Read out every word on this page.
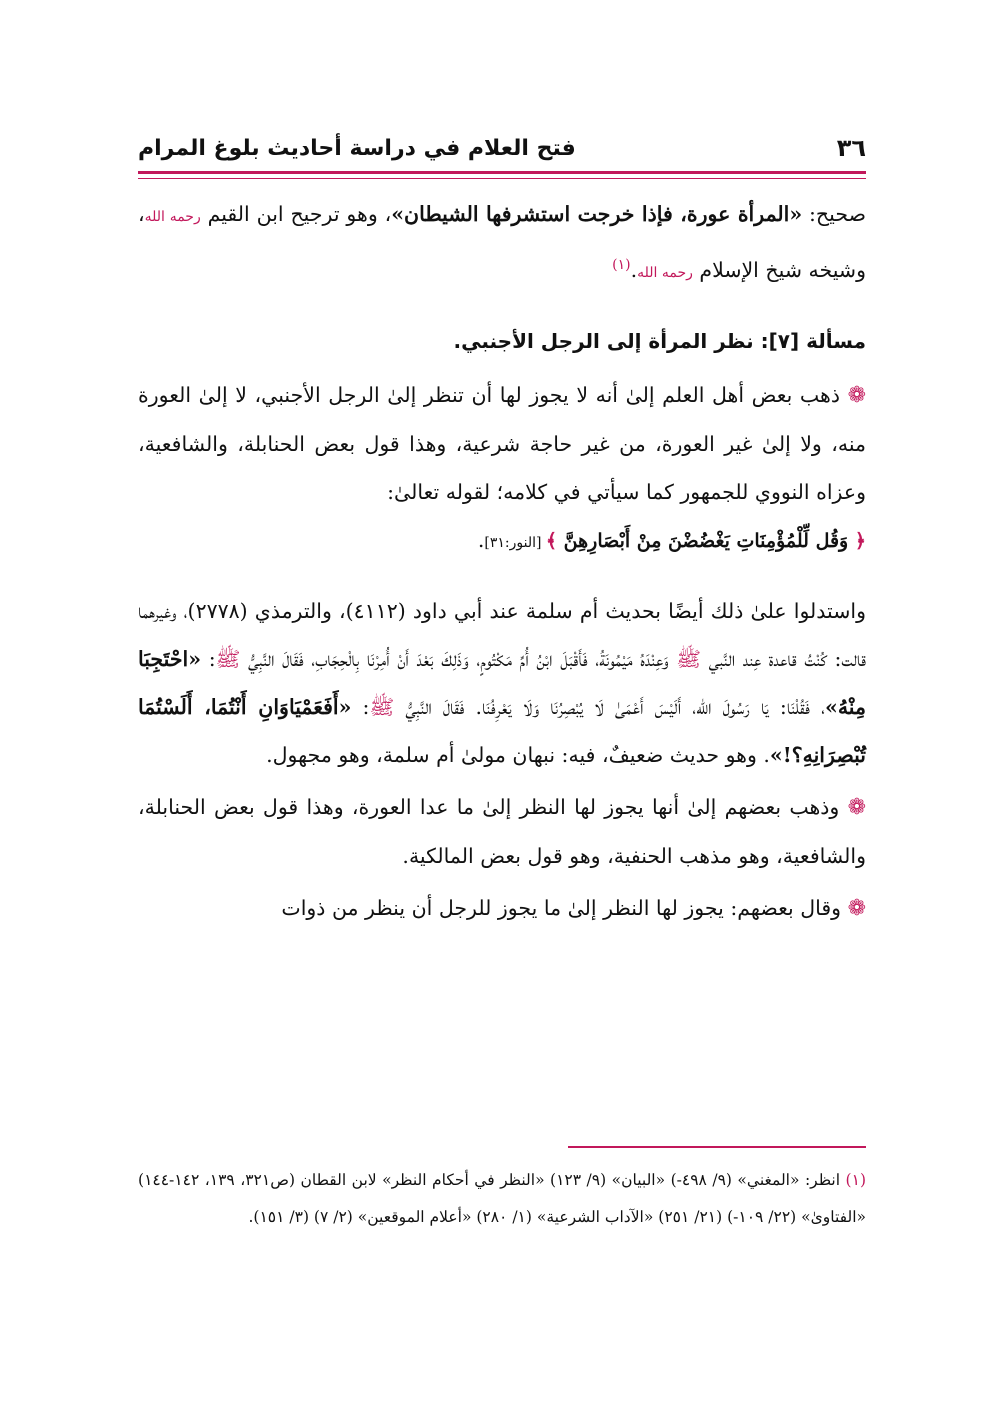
٣٦
فتح العلام في دراسة أحاديث بلوغ المرام

صحيح: «المرأة عورة، فإذا خرجت استشرفها الشيطان»، وهو ترجيح ابن القيم رحمه الله، وشيخه شيخ الإسلام رحمه الله.$^{(١)}$

مسألة [٧]: نظر المرأة إلى الرجل الأجنبي.

❁ ذهب بعض أهل العلم إلىٰ أنه لا يجوز لها أن تنظر إلىٰ الرجل الأجنبي، لا إلىٰ العورة منه، ولا إلىٰ غير العورة، من غير حاجة شرعية، وهذا قول بعض الحنابلة، والشافعية، وعزاه النووي للجمهور كما سيأتي في كلامه؛ لقوله تعالىٰ:
﴿ وَقُل لِّلْمُؤْمِنَاتِ يَغْضُضْنَ مِنْ أَبْصَارِهِنَّ ﴾ [النور:٣١].

واستدلوا علىٰ ذلك أيضًا بحديث أم سلمة عند أبي داود (٤١١٢)، والترمذي (٢٧٧٨)، وغيرهما قالت: كُنْتُ قاعدة عِند النَّبي ﷺ وَعِنْدَهُ مَيْمُونَةُ، فَأَقْبَلَ ابْنُ أُمِّ مَكْتُومٍ، وَذَلِكَ بَعْدَ أَنْ أُمِرْنَا بِالْحِجَابِ، فَقَالَ النَّبِيُّ ﷺ: «احْتَجِبَا مِنْهُ»، فَقُلْنَا: يَا رَسُولَ الله، أَلَيْسَ أَعْمَىٰ لَا يُبْصِرُنَا وَلَا يَعْرِفُنَا. فَقَالَ النَّبِيُّ ﷺ: «أَفَعَمْيَاوَانِ أَنْتُمَا، أَلَسْتُمَا تُبْصِرَانِهِ؟!». وهو حديث ضعيفٌ، فيه: نبهان مولىٰ أم سلمة، وهو مجهول.

❁ وذهب بعضهم إلىٰ أنها يجوز لها النظر إلىٰ ما عدا العورة، وهذا قول بعض الحنابلة، والشافعية، وهو مذهب الحنفية، وهو قول بعض المالكية.

❁ وقال بعضهم: يجوز لها النظر إلىٰ ما يجوز للرجل أن ينظر من ذوات

(١) انظر: «المغني» (٩/ ٤٩٨-) «البيان» (٩/ ١٢٣) «النظر في أحكام النظر» لابن القطان (ص٣٢١، ١٣٩، ١٤٢-١٤٤) «الفتاوىٰ» (٢٢/ ١٠٩-) (٢١/ ٢٥١) «الآداب الشرعية» (١/ ٢٨٠) «أعلام الموقعين» (٢/ ٧) (٣/ ١٥١).
